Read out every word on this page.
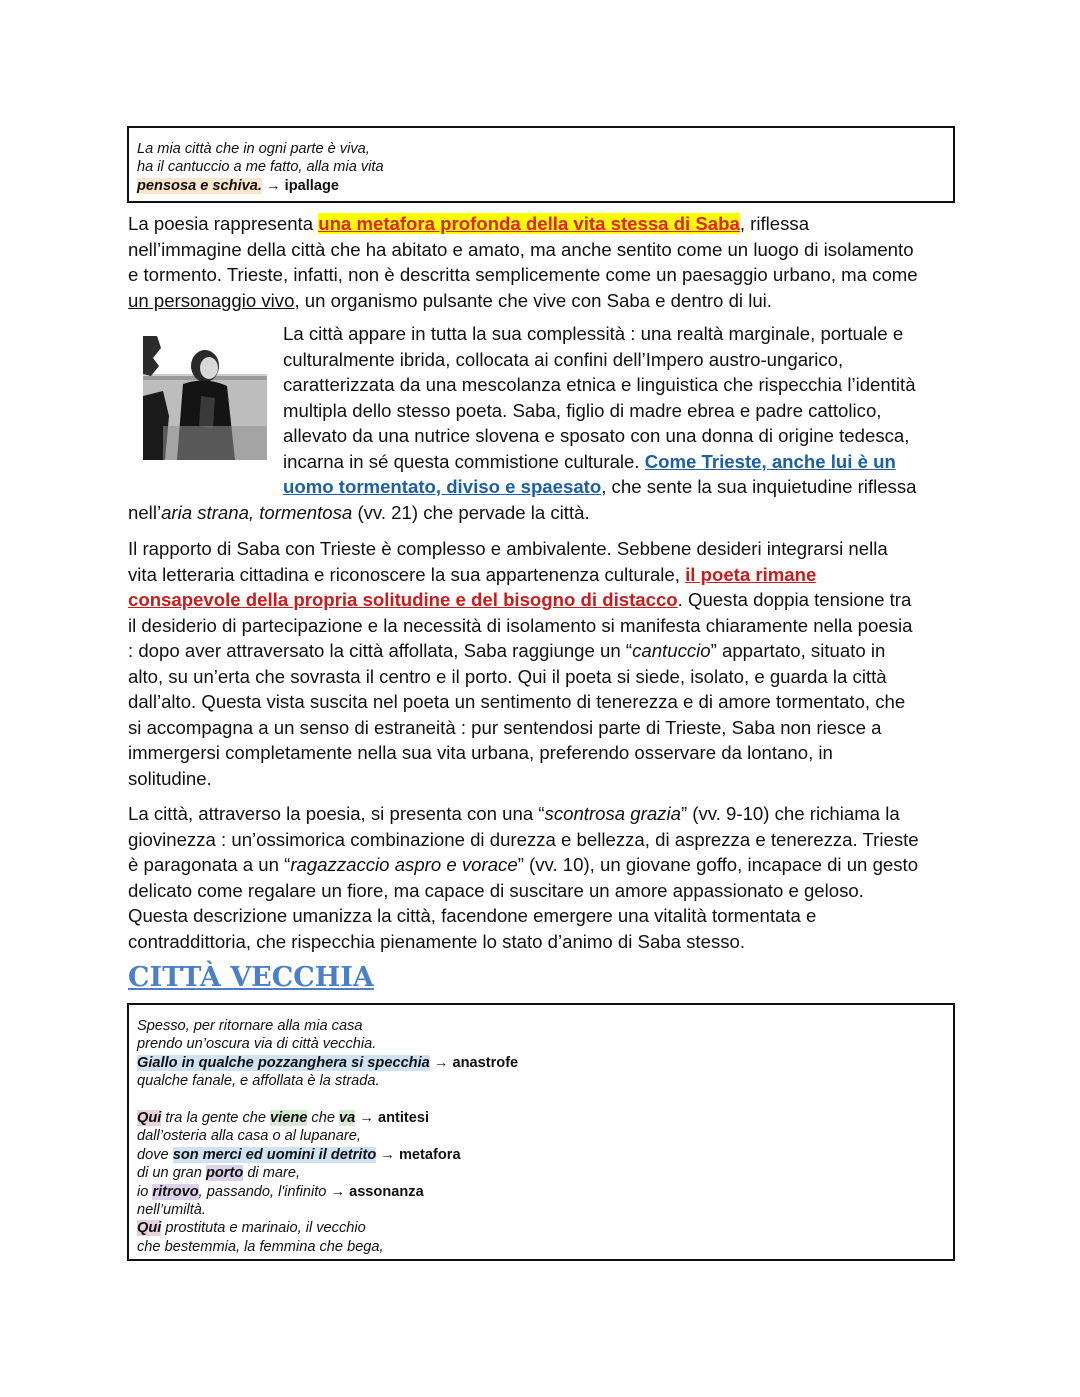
La mia città che in ogni parte è viva,
ha il cantuccio a me fatto, alla mia vita
pensosa e schiva. → ipallage
La poesia rappresenta una metafora profonda della vita stessa di Saba, riflessa
nell’immagine della città che ha abitato e amato, ma anche sentito come un luogo di isolamento
e tormento. Trieste, infatti, non è descritta semplicemente come un paesaggio urbano, ma come
un personaggio vivo, un organismo pulsante che vive con Saba e dentro di lui.
La città appare in tutta la sua complessità : una realtà marginale, portuale e
culturalmente ibrida, collocata ai confini dell’Impero austro-ungarico,
caratterizzata da una mescolanza etnica e linguistica che rispecchia l’identità
multipla dello stesso poeta. Saba, figlio di madre ebrea e padre cattolico,
allevato da una nutrice slovena e sposato con una donna di origine tedesca,
incarna in sé questa commistione culturale. Come Trieste, anche lui è un
uomo tormentato, diviso e spaesato, che sente la sua inquietudine riflessa
nell’aria strana, tormentosa (vv. 21) che pervade la città.
Il rapporto di Saba con Trieste è complesso e ambivalente. Sebbene desideri integrarsi nella
vita letteraria cittadina e riconoscere la sua appartenenza culturale, il poeta rimane
consapevole della propria solitudine e del bisogno di distacco. Questa doppia tensione tra
il desiderio di partecipazione e la necessità di isolamento si manifesta chiaramente nella poesia
: dopo aver attraversato la città affollata, Saba raggiunge un “cantuccio” appartato, situato in
alto, su un’erta che sovrasta il centro e il porto. Qui il poeta si siede, isolato, e guarda la città
dall’alto. Questa vista suscita nel poeta un sentimento di tenerezza e di amore tormentato, che
si accompagna a un senso di estraneità : pur sentendosi parte di Trieste, Saba non riesce a
immergersi completamente nella sua vita urbana, preferendo osservare da lontano, in
solitudine.
La città, attraverso la poesia, si presenta con una “scontrosa grazia” (vv. 9-10) che richiama la
giovinezza : un’ossimorica combinazione di durezza e bellezza, di asprezza e tenerezza. Trieste
è paragonata a un “ragazzaccio aspro e vorace” (vv. 10), un giovane goffo, incapace di un gesto
delicato come regalare un fiore, ma capace di suscitare un amore appassionato e geloso.
Questa descrizione umanizza la città, facendone emergere una vitalità tormentata e
contraddittoria, che rispecchia pienamente lo stato d’animo di Saba stesso.
CITTÀ VECCHIA
Spesso, per ritornare alla mia casa
prendo un’oscura via di città vecchia.
Giallo in qualche pozzanghera si specchia → anastrofe
qualche fanale, e affollata è la strada.
Qui tra la gente che viene che va → antitesi
dall’osteria alla casa o al lupanare,
dove son merci ed uomini il detrito → metafora
di un gran porto di mare,
io ritrovo, passando, l'infinito → assonanza
nell’umiltà.
Qui prostituta e marinaio, il vecchio
che bestemmia, la femmina che bega,
